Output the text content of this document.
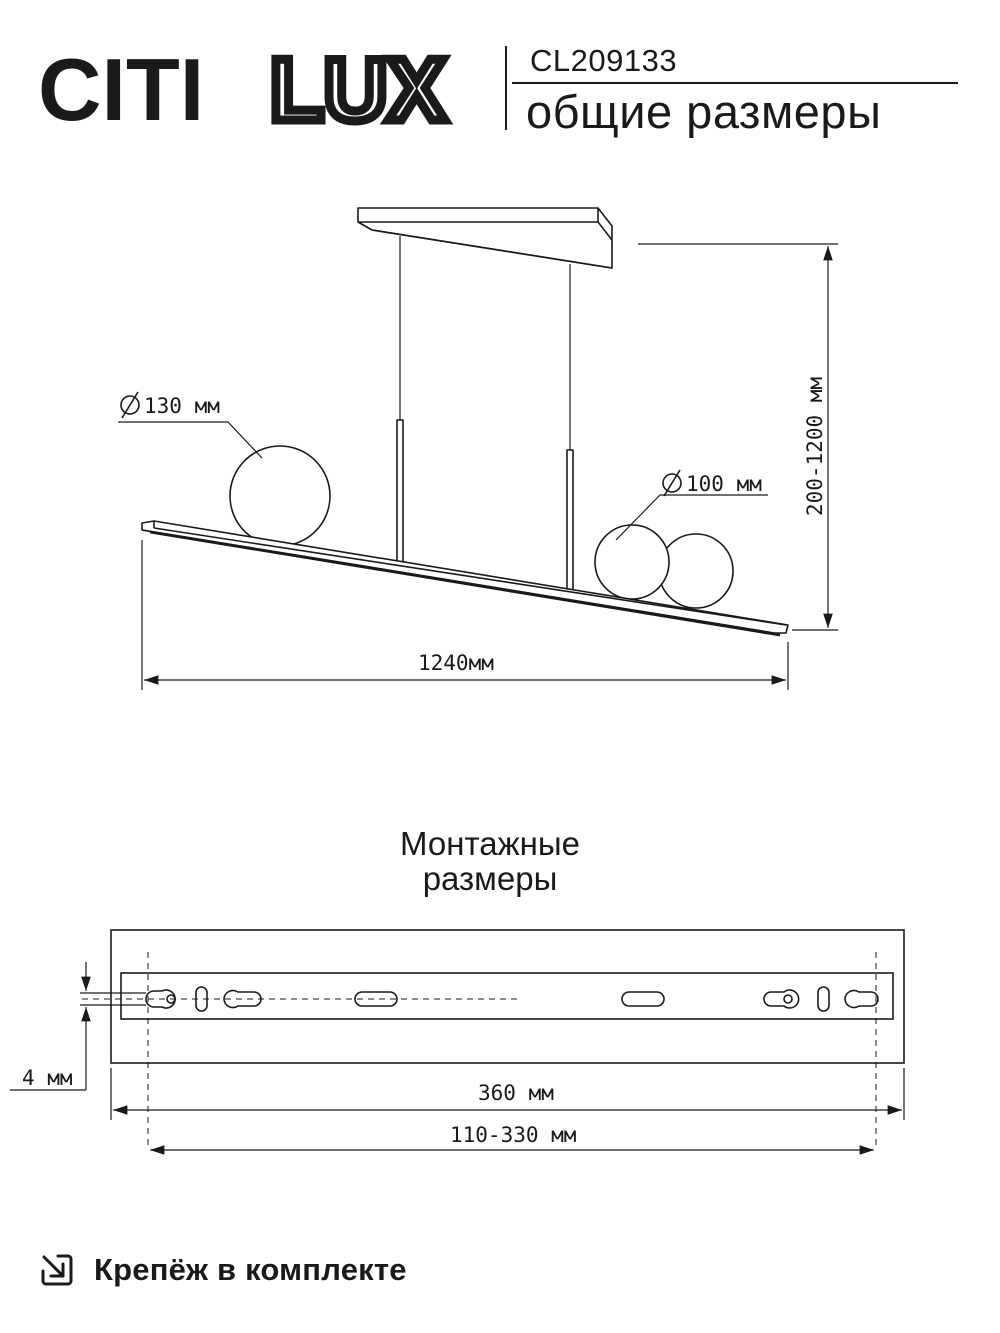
CITI LUX	CL209133
общие размеры
130 мм
100 мм 200-1200 мм
1240мм
4 мм
360 мм
110-330 мм
Монтажные
размеры
Крепёж в комплекте
